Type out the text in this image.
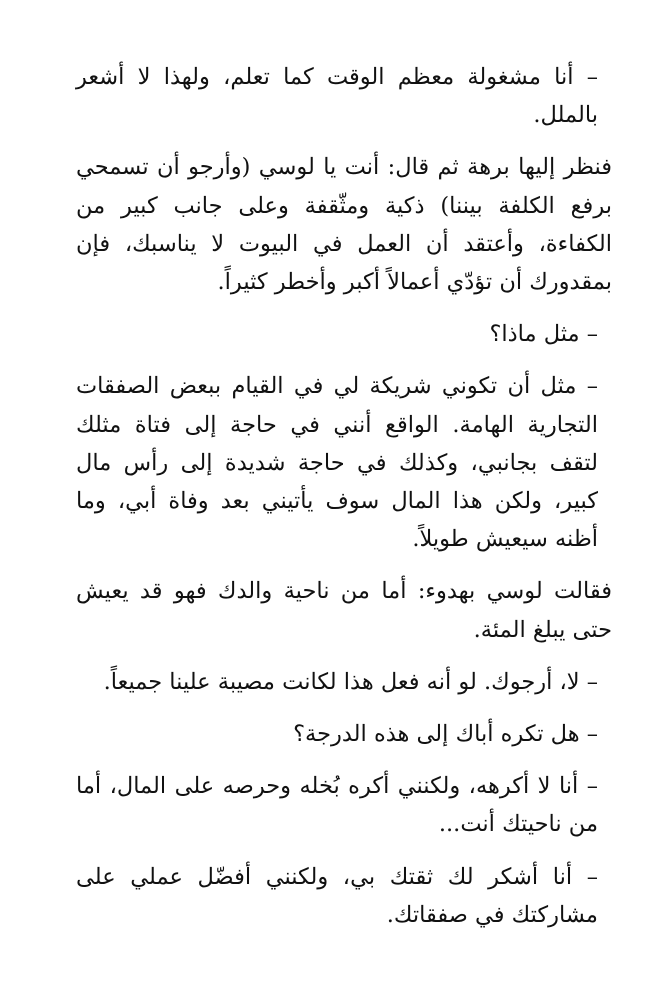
– أنا مشغولة معظم الوقت كما تعلم، ولهذا لا أشعر بالملل.

فنظر إليها برهة ثم قال: أنت يا لوسي (وأرجو أن تسمحي برفع الكلفة بيننا) ذكية ومثّقفة وعلى جانب كبير من الكفاءة، وأعتقد أن العمل في البيوت لا يناسبك، فإن بمقدورك أن تؤدّي أعمالاً أكبر وأخطر كثيراً.

– مثل ماذا؟

– مثل أن تكوني شريكة لي في القيام ببعض الصفقات التجارية الهامة. الواقع أنني في حاجة إلى فتاة مثلك لتقف بجانبي، وكذلك في حاجة شديدة إلى رأس مال كبير، ولكن هذا المال سوف يأتيني بعد وفاة أبي، وما أظنه سيعيش طويلاً.

فقالت لوسي بهدوء: أما من ناحية والدك فهو قد يعيش حتى يبلغ المئة.

– لا، أرجوك. لو أنه فعل هذا لكانت مصيبة علينا جميعاً.

– هل تكره أباك إلى هذه الدرجة؟

– أنا لا أكرهه، ولكنني أكره بُخله وحرصه على المال، أما من ناحيتك أنت...

– أنا أشكر لك ثقتك بي، ولكنني أفضّل عملي على مشاركتك في صفقاتك.
